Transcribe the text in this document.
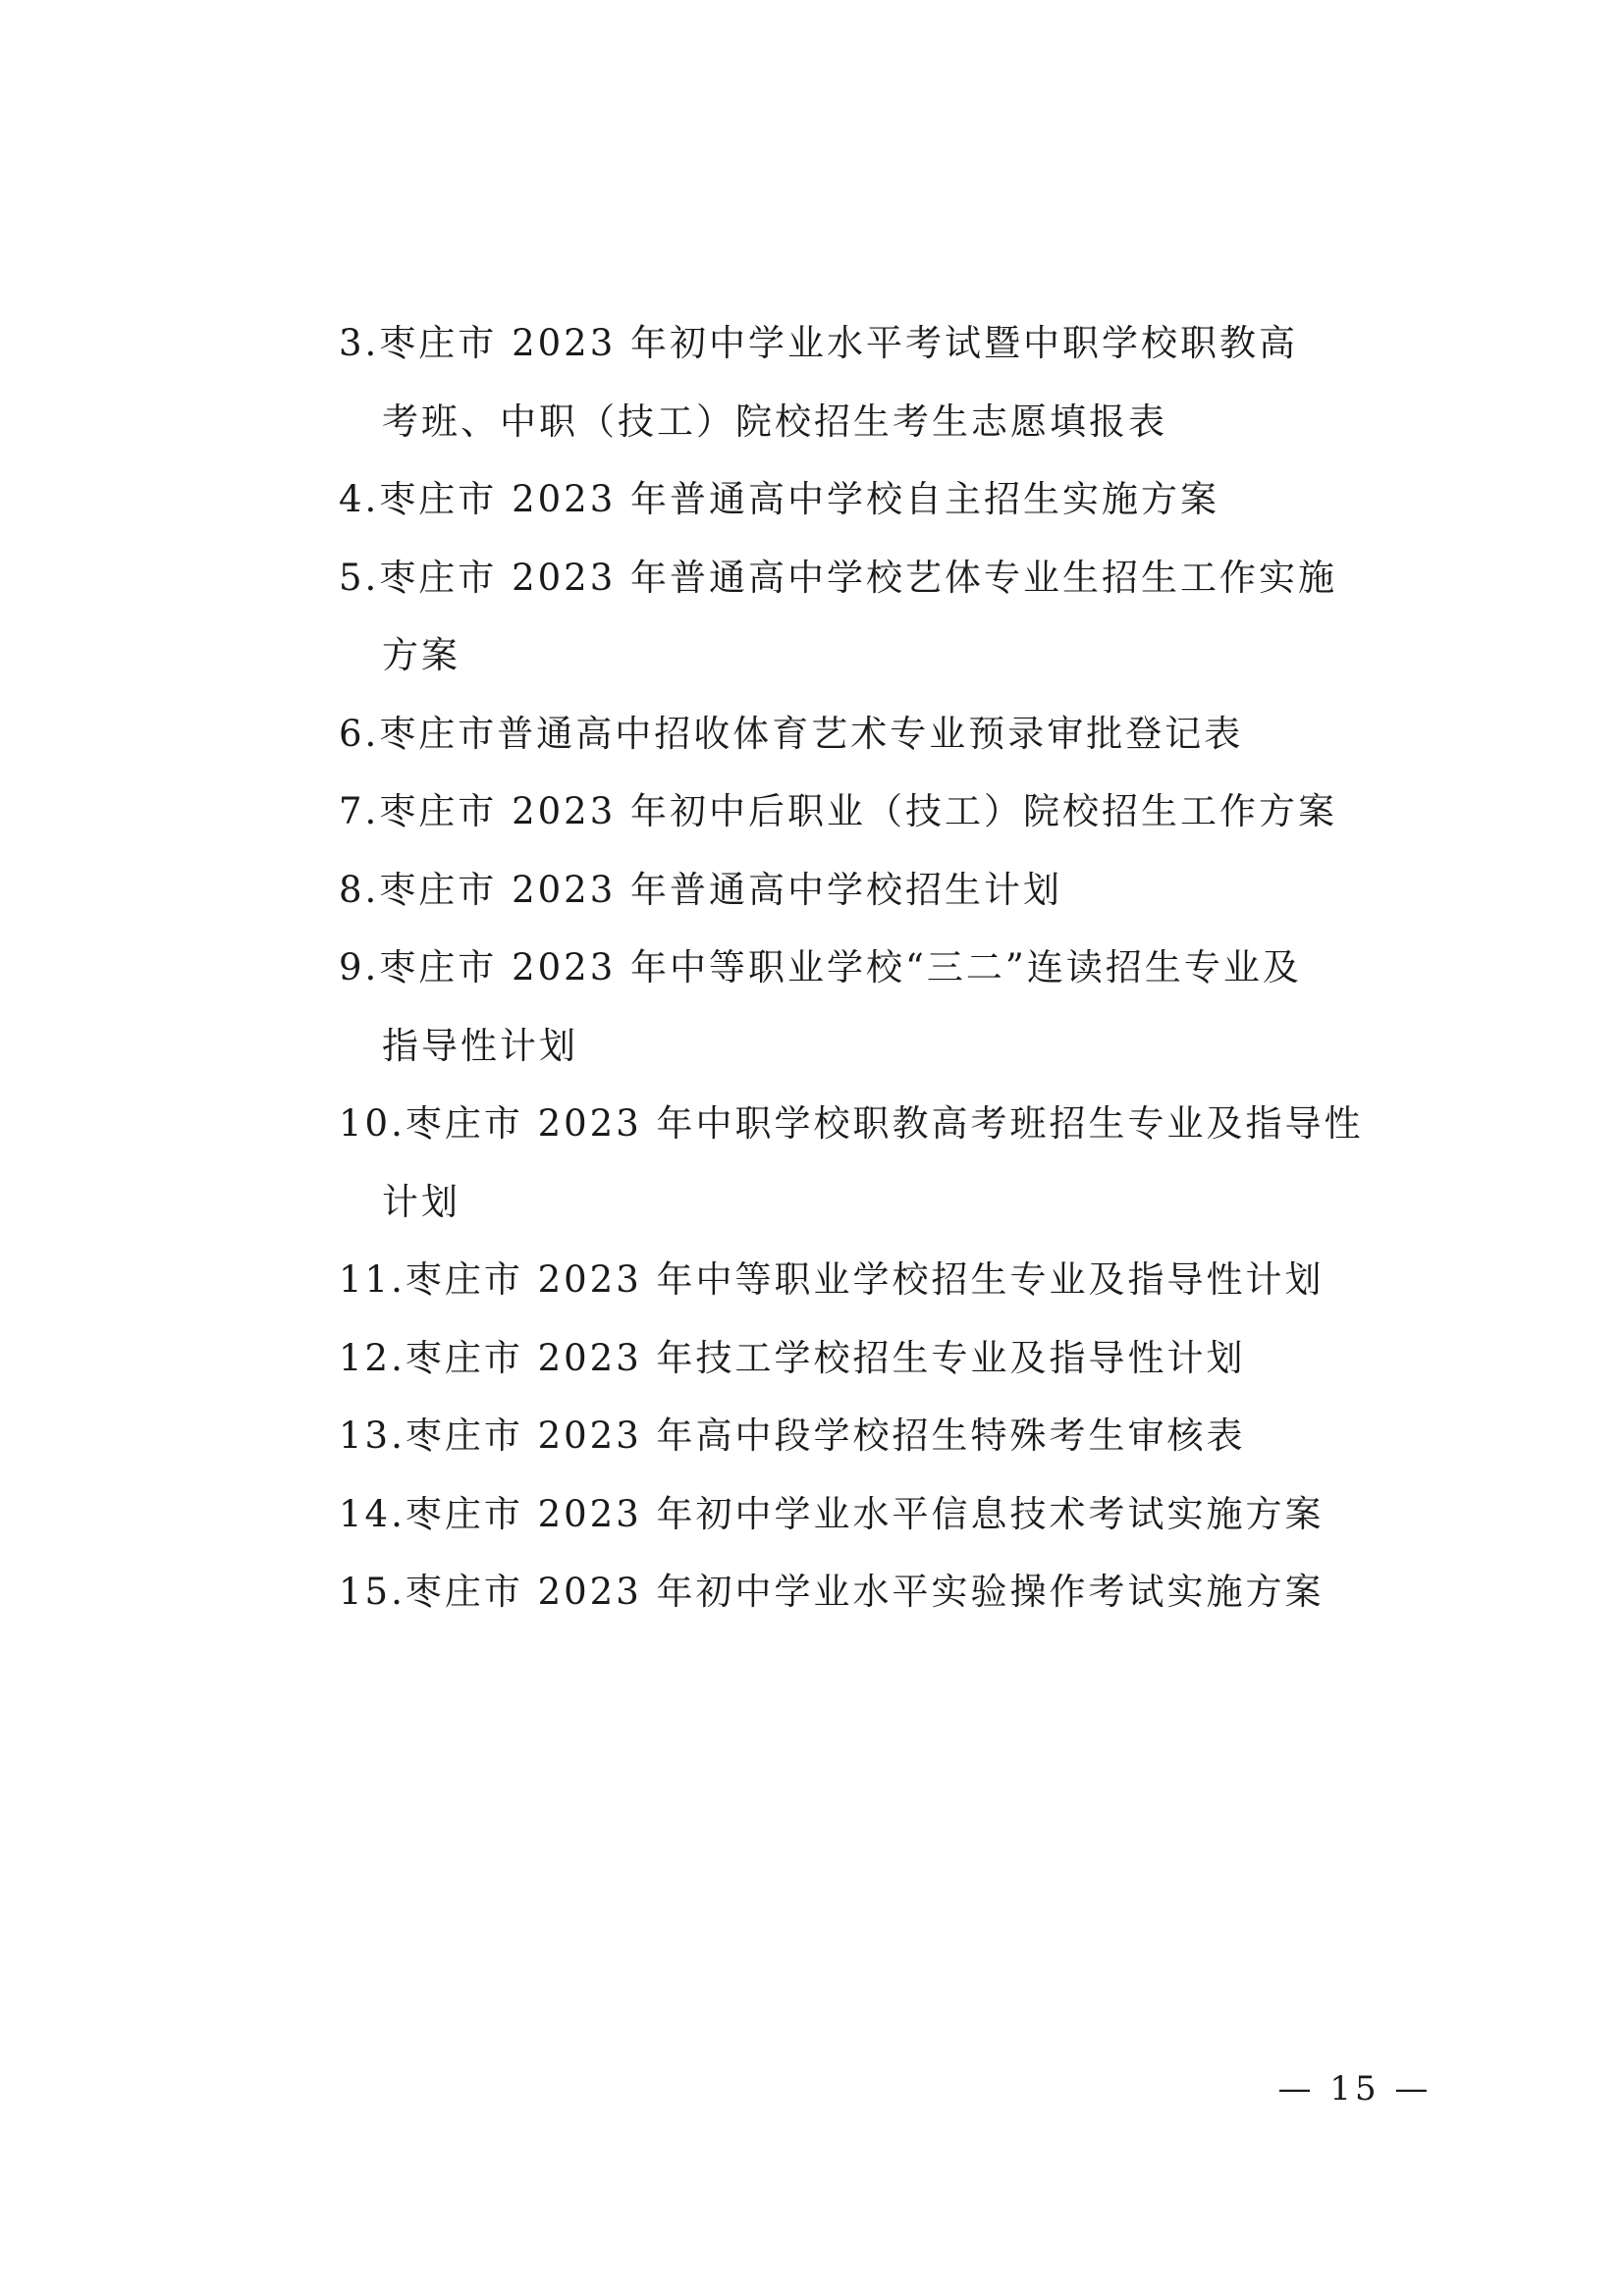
3.枣庄市 2023 年初中学业水平考试暨中职学校职教高
考班、中职（技工）院校招生考生志愿填报表
4.枣庄市 2023 年普通高中学校自主招生实施方案
5.枣庄市 2023 年普通高中学校艺体专业生招生工作实施
方案
6.枣庄市普通高中招收体育艺术专业预录审批登记表
7.枣庄市 2023 年初中后职业（技工）院校招生工作方案
8.枣庄市 2023 年普通高中学校招生计划
9.枣庄市 2023 年中等职业学校“三二”连读招生专业及
指导性计划
10.枣庄市 2023 年中职学校职教高考班招生专业及指导性
计划
11.枣庄市 2023 年中等职业学校招生专业及指导性计划
12.枣庄市 2023 年技工学校招生专业及指导性计划
13.枣庄市 2023 年高中段学校招生特殊考生审核表
14.枣庄市 2023 年初中学业水平信息技术考试实施方案
15.枣庄市 2023 年初中学业水平实验操作考试实施方案
— 15 —
